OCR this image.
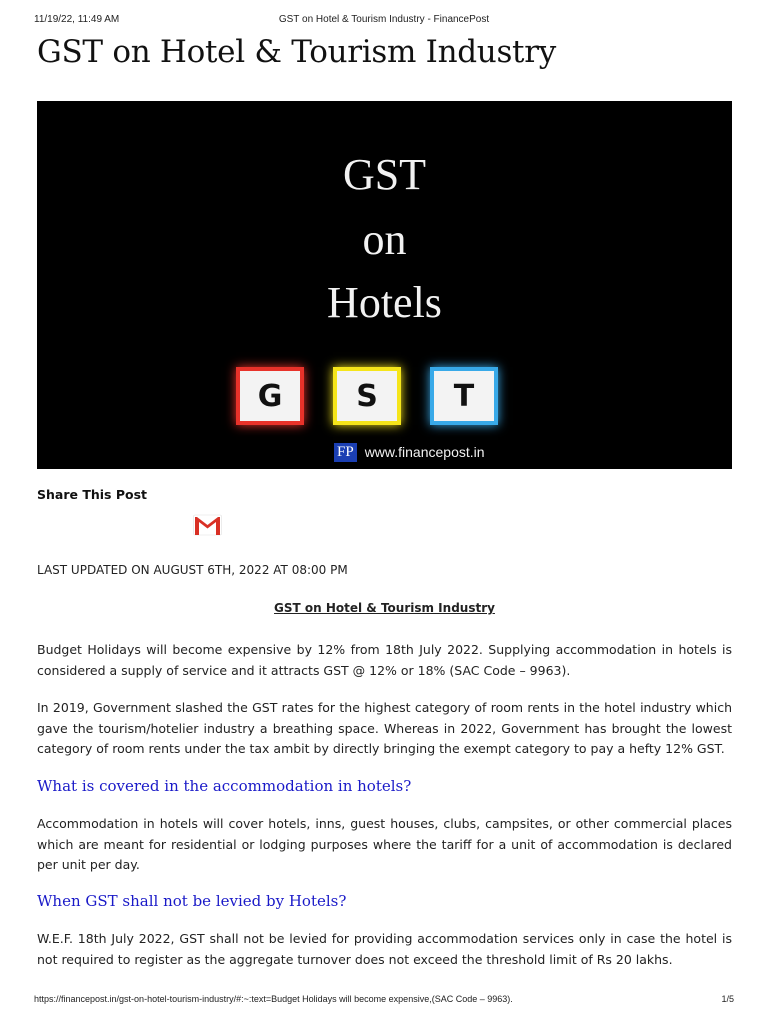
11/19/22, 11:49 AM	GST on Hotel & Tourism Industry - FinancePost
GST on Hotel & Tourism Industry
GST
on
Hotels
G S	T
FP www.financepost.in
Share This Post
LAST UPDATED ON AUGUST 6TH, 2022 AT 08:00 PM
GST on Hotel & Tourism Industry

Budget Holidays will become expensive by 12% from 18th July 2022. Supplying accommodation in hotels is considered a supply of service and it attracts GST @ 12% or 18% (SAC Code – 9963).

In 2019, Government slashed the GST rates for the highest category of room rents in the hotel industry which gave the tourism/hotelier industry a breathing space. Whereas in 2022, Government has brought the lowest category of room rents under the tax ambit by directly bringing the exempt category to pay a hefty 12% GST.

What is covered in the accommodation in hotels?

Accommodation in hotels will cover hotels, inns, guest houses, clubs, campsites, or other commercial places which are meant for residential or lodging purposes where the tariff for a unit of accommodation is declared per unit per day.

When GST shall not be levied by Hotels?

W.E.F. 18th July 2022, GST shall not be levied for providing accommodation services only in case the hotel is not required to register as the aggregate turnover does not exceed the threshold limit of Rs 20 lakhs.

https://financepost.in/gst-on-hotel-tourism-industry/#:~:text=Budget Holidays will become expensive,(SAC Code – 9963).	1/5
